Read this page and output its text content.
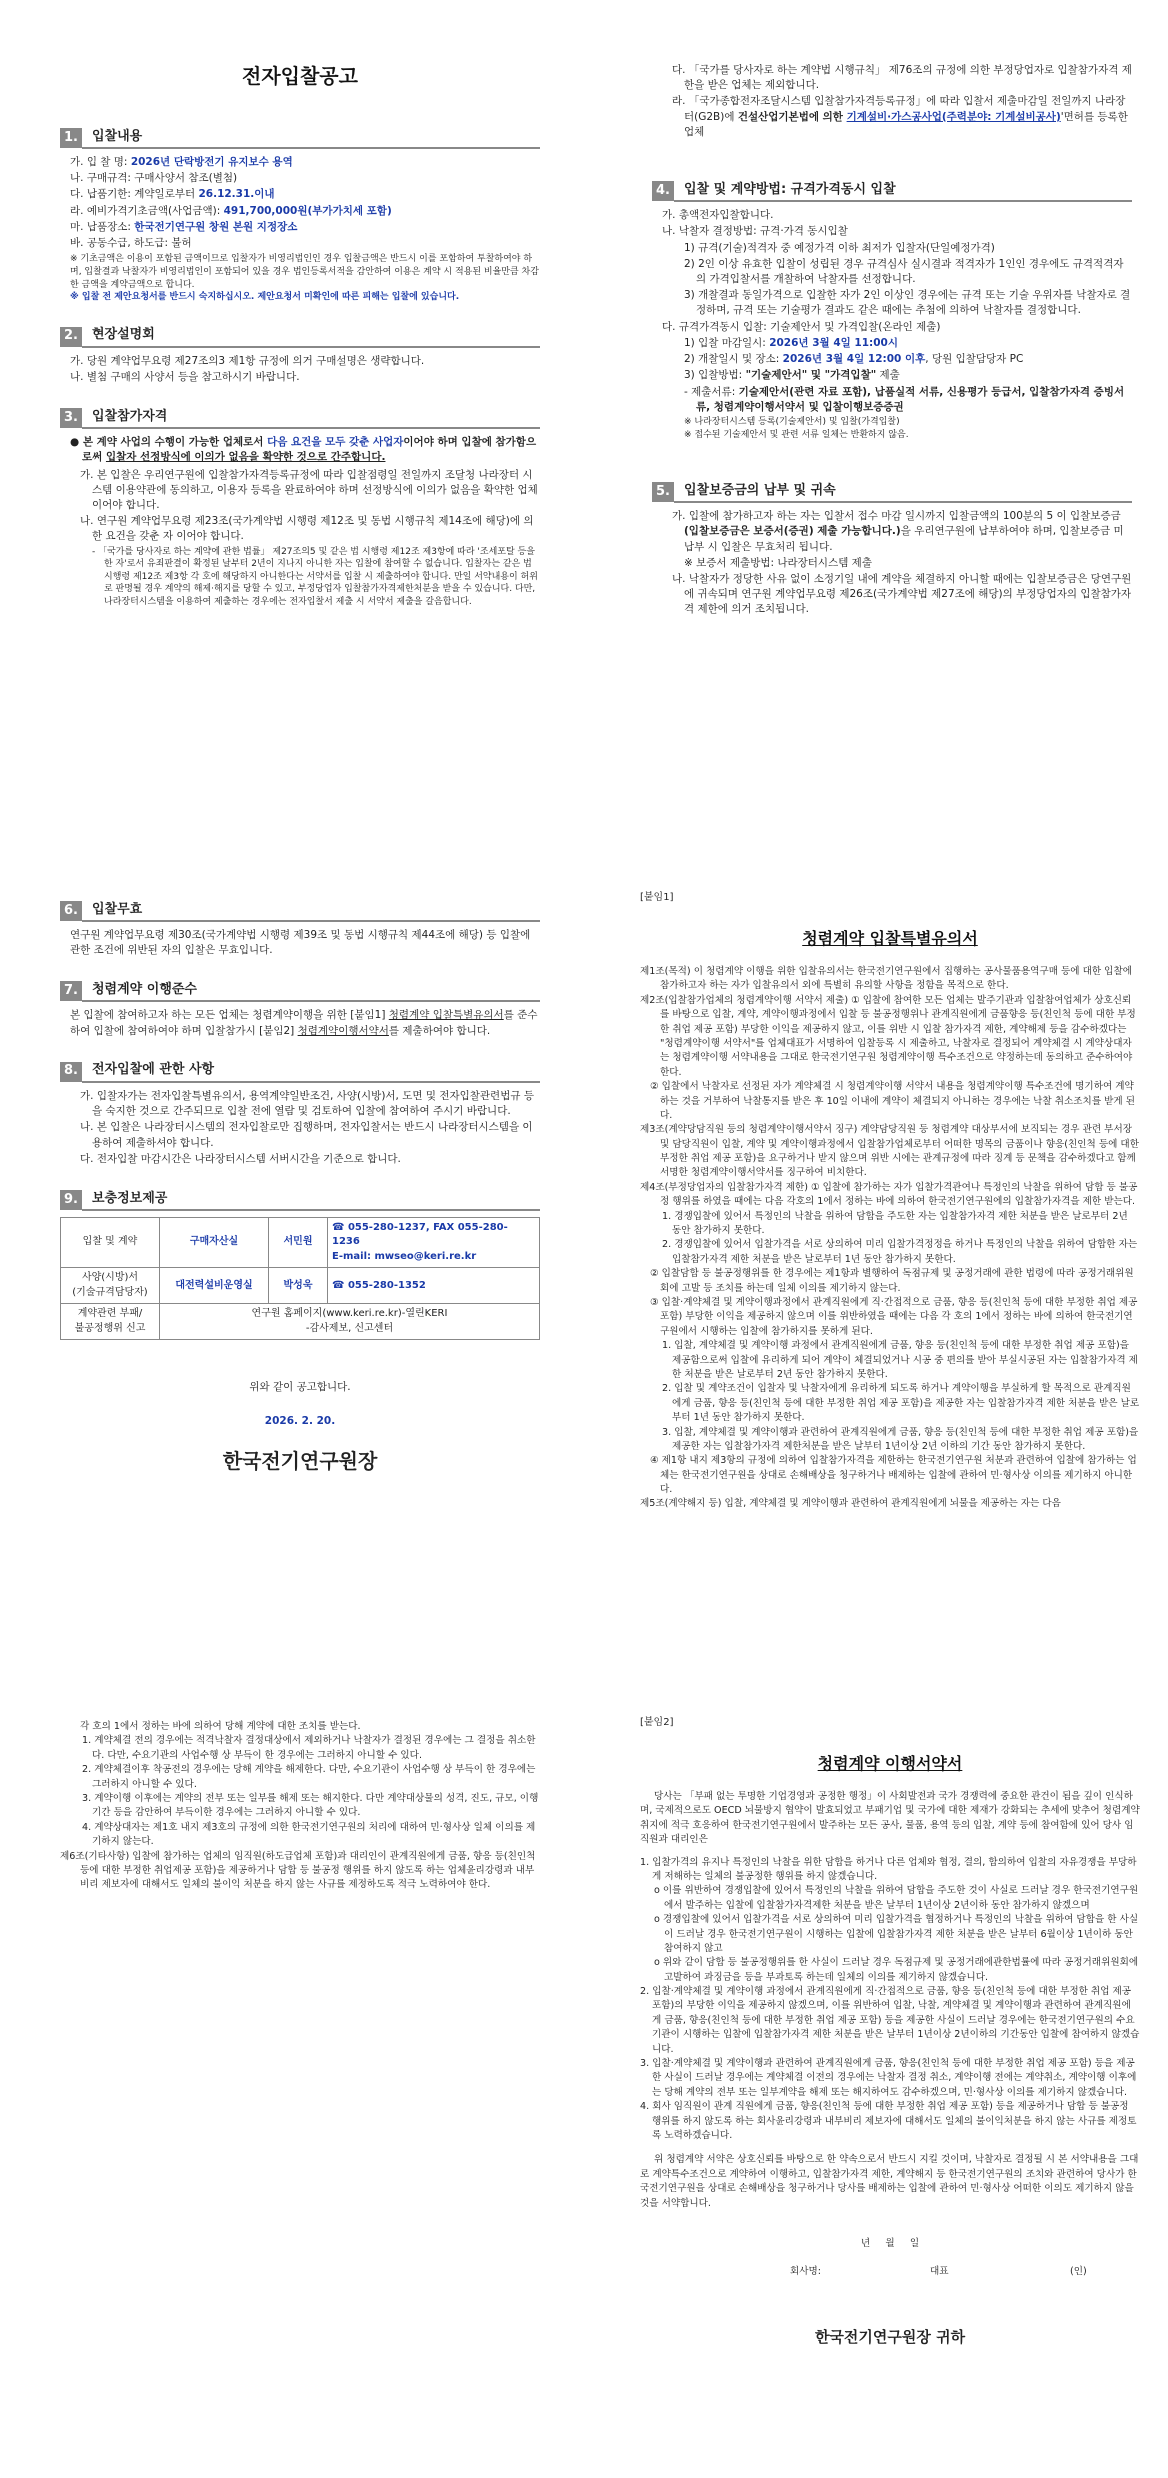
전자입찰공고
1.	입찰내용
가. 입 찰 명: 2026년 단락방전기 유지보수 용역
나. 구매규격: 구매사양서 참조(별첨)
다. 납품기한: 계약일로부터 26.12.31.이내
라. 예비가격기초금액(사업금액): 491,700,000원(부가가치세 포함)
마. 납품장소: 한국전기연구원 창원 본원 지정장소
바. 공동수급, 하도급: 불허
※ 기초금액은 이용이 포함된 금액이므로 입찰자가 비영리법인인 경우 입찰금액은 반드시 이를 포함하여 투찰하여야 하며, 입찰결과 낙찰자가 비영리법인이 포함되어 있을 경우 법인등록서적을 감안하여 이용은 계약 시 적용된 비율만큼 차감한 금액을 계약금액으로 합니다.
※ 입찰 전 제안요청서를 반드시 숙지하십시오. 제안요청서 미확인에 따른 피해는 입찰에 있습니다.
2.	현장설명회
가. 당원 계약업무요령 제27조의3 제1항 규정에 의거 구매설명은 생략합니다.
나. 별첨 구매의 사양서 등을 참고하시기 바랍니다.
3.	입찰참가자격
● 본 계약 사업의 수행이 가능한 업체로서 다음 요건을 모두 갖춘 사업자이어야 하며 입찰에 참가함으로써 입찰자 선정방식에 이의가 없음을 확약한 것으로 간주합니다.
가. 본 입찰은 우리연구원에 입찰참가자격등록규정에 따라 입찰점령일 전일까지 조달청 나라장터 시스템 이용약관에 동의하고, 이용자 등록을 완료하여야 하며 선정방식에 이의가 없음을 확약한 업체이어야 합니다.
나. 연구원 계약업무요령 제23조(국가계약법 시행령 제12조 및 동법 시행규칙 제14조에 해당)에 의한 요건을 갖춘 자 이어야 합니다.
- 「국가를 당사자로 하는 계약에 관한 법률」 제27조의5 및 같은 법 시행령 제12조 제3항에 따라 '조세포탈 등을 한 자'로서 유죄판결이 확정된 날부터 2년이 지나지 아니한 자는 입찰에 참여할 수 없습니다. 입찰자는 같은 법 시행령 제12조 제3항 각 호에 해당하지 아니한다는 서약서를 입찰 시 제출하여야 합니다. 만일 서약내용이 허위로 판명될 경우 계약의 해제·해지를 당할 수 있고, 부정당업자 입찰참가자격제한처분을 받을 수 있습니다. 다만, 나라장터시스템을 이용하여 제출하는 경우에는 전자입찰서 제출 시 서약서 제출을 갈음합니다.
다. 「국가를 당사자로 하는 계약법 시행규칙」 제76조의 규정에 의한 부정당업자로 입찰참가자격 제한을 받은 업체는 제외합니다.
라. 「국가종합전자조달시스템 입찰참가자격등록규정」에 따라 입찰서 제출마감일 전일까지 나라장터(G2B)에 건설산업기본법에 의한 기계설비·가스공사업(주력분야: 기계설비공사)'면허를 등록한 업체
4.	입찰 및 계약방법: 규격가격동시 입찰
가. 총액전자입찰합니다.
나. 낙찰자 결정방법: 규격·가격 동시입찰
1) 규격(기술)적격자 중 예정가격 이하 최저가 입찰자(단일예정가격)
2) 2인 이상 유효한 입찰이 성립된 경우 규격심사 실시결과 적격자가 1인인 경우에도 규격적격자의 가격입찰서를 개찰하여 낙찰자를 선정합니다.
3) 개찰결과 동일가격으로 입찰한 자가 2인 이상인 경우에는 규격 또는 기술 우위자를 낙찰자로 결정하며, 규격 또는 기술평가 결과도 같은 때에는 추첨에 의하여 낙찰자를 결정합니다.
다. 규격가격동시 입찰: 기술제안서 및 가격입찰(온라인 제출)
1) 입찰 마감일시: 2026년 3월 4일 11:00시
2) 개찰일시 및 장소: 2026년 3월 4일 12:00 이후, 당원 입찰담당자 PC
3) 입찰방법: "기술제안서" 및 "가격입찰" 제출
- 제출서류: 기술제안서(관련 자료 포함), 납품실적 서류, 신용평가 등급서, 입찰참가자격 증빙서류, 청렴계약이행서약서 및 입찰이행보증증권
※ 나라장터시스템 등록(기술제안서) 및 입찰(가격입찰)
※ 접수된 기술제안서 및 관련 서류 일체는 반환하지 않음.
5.	입찰보증금의 납부 및 귀속
가. 입찰에 참가하고자 하는 자는 입찰서 접수 마감 일시까지 입찰금액의 100분의 5 이 입찰보증금(입찰보증금은 보증서(증권) 제출 가능합니다.)을 우리연구원에 납부하여야 하며, 입찰보증금 미납부 시 입찰은 무효처리 됩니다.
※ 보증서 제출방법: 나라장터시스템 제출
나. 낙찰자가 정당한 사유 없이 소정기일 내에 계약을 체결하지 아니할 때에는 입찰보증금은 당연구원에 귀속되며 연구원 계약업무요령 제26조(국가계약법 제27조에 해당)의 부정당업자의 입찰참가자격 제한에 의거 조치됩니다.
6.	입찰무효
연구원 계약업무요령 제30조(국가계약법 시행령 제39조 및 동법 시행규칙 제44조에 해당) 등 입찰에 관한 조건에 위반된 자의 입찰은 무효입니다.
7.	청렴계약 이행준수
본 입찰에 참여하고자 하는 모든 업체는 청렴계약이행을 위한 [붙임1] 청렴계약 입찰특별유의서를 준수하여 입찰에 참여하여야 하며 입찰참가시 [붙임2] 청렴계약이행서약서를 제출하여야 합니다.
8.	전자입찰에 관한 사항
가. 입찰자가는 전자입찰특별유의서, 용역계약일반조건, 사양(시방)서, 도면 및 전자입찰관련법규 등을 숙지한 것으로 간주되므로 입찰 전에 열람 및 검토하여 입찰에 참여하여 주시기 바랍니다.
나. 본 입찰은 나라장터시스템의 전자입찰로만 집행하며, 전자입찰서는 반드시 나라장터시스템을 이용하여 제출하셔야 합니다.
다. 전자입찰 마감시간은 나라장터시스템 서버시간을 기준으로 합니다.
9.	보충정보제공
입찰 및 계약	구매자산실	서민원	☎ 055-280-1237, FAX 055-280-1236
E-mail: mwseo@keri.re.kr

사양(시방)서
(기술규격담당자)	대전력설비운영실	박성욱	☎ 055-280-1352
계약관련 부패/
불공정행위 신고	연구원 홈페이지(www.keri.re.kr)-열린KERI
-감사제보, 신고센터		
위와 같이 공고합니다.
2026. 2. 20.
한국전기연구원장
[붙임1]
청렴계약 입찰특별유의서
제1조(목적) 이 청렴계약 이행을 위한 입찰유의서는 한국전기연구원에서 집행하는 공사물품용역구매 등에 대한 입찰에 참가하고자 하는 자가 입찰유의서 외에 특별히 유의할 사항을 정함을 목적으로 한다.
제2조(입찰참가업체의 청렴계약이행 서약서 제출) ① 입찰에 참여한 모든 업체는 발주기관과 입찰참여업체가 상호신뢰를 바탕으로 입찰, 계약, 계약이행과정에서 입찰 등 불공정행위나 관계직원에게 금품향응 등(친인척 등에 대한 부정한 취업 제공 포함) 부당한 이익을 제공하지 않고, 이를 위반 시 입찰 참가자격 제한, 계약해제 등을 감수하겠다는 "청렴계약이행 서약서"를 업체대표가 서명하여 입찰등록 시 제출하고, 낙찰자로 결정되어 계약체결 시 계약상대자는 청렴계약이행 서약내용을 그대로 한국전기연구원 청렴계약이행 특수조건으로 약정하는데 동의하고 준수하여야 한다.
② 입찰에서 낙찰자로 선정된 자가 계약체결 시 청렴계약이행 서약서 내용을 청렴계약이행 특수조건에 명기하여 계약하는 것을 거부하여 낙찰통지를 받은 후 10일 이내에 계약이 체결되지 아니하는 경우에는 낙찰 취소조치를 받게 된다.
제3조(계약당담직원 등의 청렴계약이행서약서 징구) 계약담당직원 등 청렴계약 대상부서에 보직되는 경우 관련 부서장 및 담당직원이 입찰, 계약 및 계약이행과정에서 입찰참가업체로부터 어떠한 명목의 금품이나 향응(친인척 등에 대한 부정한 취업 제공 포함)을 요구하거나 받지 않으며 위반 시에는 관계규정에 따라 징계 등 문책을 감수하겠다고 함께 서명한 청렴계약이행서약서를 징구하여 비치한다.
제4조(부정당업자의 입찰참가자격 제한) ① 입찰에 참가하는 자가 입찰가격관여나 특정인의 낙찰을 위하여 담합 등 불공정 행위를 하였을 때에는 다음 각호의 1에서 정하는 바에 의하여 한국전기연구원에의 입찰참가자격을 제한 받는다.
1. 경쟁입찰에 있어서 특정인의 낙찰을 위하여 담합을 주도한 자는 입찰참가자격 제한 처분을 받은 날로부터 2년 동안 참가하지 못한다.
2. 경쟁입찰에 있어서 입찰가격을 서로 상의하여 미리 입찰가격정정을 하거나 특정인의 낙찰을 위하여 담합한 자는 입찰참가자격 제한 처분을 받은 날로부터 1년 동안 참가하지 못한다.
② 입찰담합 등 불공정행위를 한 경우에는 제1항과 별행하여 독점규제 및 공정거래에 관한 법령에 따라 공정거래위원회에 고발 등 조치를 하는데 일체 이의를 제기하지 않는다.
③ 입찰·계약체결 및 계약이행과정에서 관계직원에게 직·간접적으로 금품, 향응 등(친인척 등에 대한 부정한 취업 제공 포함) 부당한 이익을 제공하지 않으며 이를 위반하였을 때에는 다음 각 호의 1에서 정하는 바에 의하여 한국전기연구원에서 시행하는 입찰에 참가하지를 못하게 된다.
1. 입찰, 계약체결 및 계약이행 과정에서 관계직원에게 금품, 향응 등(친인척 등에 대한 부정한 취업 제공 포함)을 제공함으로써 입찰에 유리하게 되어 계약이 체결되었거나 시공 중 편의를 받아 부실시공된 자는 입찰참가자격 제한 처분을 받은 날로부터 2년 동안 참가하지 못한다.
2. 입찰 및 계약조건이 입찰자 및 낙찰자에게 유리하게 되도록 하거나 계약이행을 부실하게 할 목적으로 관계직원에게 금품, 향응 등(친인척 등에 대한 부정한 취업 제공 포함)을 제공한 자는 입찰참가자격 제한 처분을 받은 날로부터 1년 동안 참가하지 못한다.
3. 입찰, 계약체결 및 계약이행과 관련하여 관계직원에게 금품, 향응 등(친인척 등에 대한 부정한 취업 제공 포함)을 제공한 자는 입찰참가자격 제한처분을 받은 날부터 1년이상 2년 이하의 기간 동안 참가하지 못한다.
④ 제1항 내지 제3항의 규정에 의하여 입찰참가자격을 제한하는 한국전기연구원 처분과 관련하여 입찰에 참가하는 업체는 한국전기연구원을 상대로 손해배상을 청구하거나 배제하는 입찰에 관하여 민·형사상 이의를 제기하지 아니한다.
제5조(계약해지 등) 입찰, 계약체결 및 계약이행과 관련하여 관계직원에게 뇌물을 제공하는 자는 다음
각 호의 1에서 정하는 바에 의하여 당해 계약에 대한 조치를 받는다.
1. 계약체결 전의 경우에는 적격낙찰자 결정대상에서 제외하거나 낙찰자가 결정된 경우에는 그 결정을 취소한다. 다만, 수요기관의 사업수행 상 부득이 한 경우에는 그러하지 아니할 수 있다.
2. 계약체결이후 착공전의 경우에는 당해 계약을 해제한다. 다만, 수요기관이 사업수행 상 부득이 한 경우에는 그러하지 아니할 수 있다.
3. 계약이행 이후에는 계약의 전부 또는 일부를 해제 또는 해지한다. 다만 계약대상물의 성격, 진도, 규모, 이행기간 등을 감안하여 부득이한 경우에는 그러하지 아니할 수 있다.
4. 계약상대자는 제1호 내지 제3호의 규정에 의한 한국전기연구원의 처리에 대하여 민·형사상 일체 이의를 제기하지 않는다.
제6조(기타사항) 입찰에 참가하는 업체의 임직원(하도급업체 포함)과 대리인이 관계직원에게 금품, 향응 등(친인척 등에 대한 부정한 취업제공 포함)을 제공하거나 담합 등 불공정 행위를 하지 않도록 하는 업체윤리강령과 내부비리 제보자에 대해서도 일체의 불이익 처분을 하지 않는 사규를 제정하도록 적극 노력하여야 한다.
[붙임2]
청렴계약 이행서약서
당사는 「부패 없는 투명한 기업경영과 공정한 행정」이 사회발전과 국가 경쟁력에 중요한 관건이 됨을 깊이 인식하며, 국제적으로도 OECD 뇌물방지 협약이 발효되었고 부패기업 및 국가에 대한 제재가 강화되는 추세에 맞추어 청렴계약 취지에 적극 호응하여 한국전기연구원에서 발주하는 모든 공사, 물품, 용역 등의 입찰, 계약 등에 참여함에 있어 당사 임직원과 대리인은
1. 입찰가격의 유지나 특정인의 낙찰을 위한 담합을 하거나 다른 업체와 협정, 결의, 합의하여 입찰의 자유경쟁을 부당하게 저해하는 일체의 불공정한 행위를 하지 않겠습니다.
o 이를 위반하여 경쟁입찰에 있어서 특정인의 낙찰을 위하여 담합을 주도한 것이 사실로 드러날 경우 한국전기연구원에서 발주하는 입찰에 입찰참가자격제한 처분을 받은 날부터 1년이상 2년이하 동안 참가하지 않겠으며
o 경쟁입찰에 있어서 입찰가격을 서로 상의하여 미리 입찰가격을 협정하거나 특정인의 낙찰을 위하여 담합을 한 사실이 드러날 경우 한국전기연구원이 시행하는 입찰에 입찰참가자격 제한 처분을 받은 날부터 6월이상 1년이하 동안 참여하지 않고
o 위와 같이 담합 등 불공정행위를 한 사실이 드러날 경우 독점규제 및 공정거래에관한법률에 따라 공정거래위원회에 고발하여 과징금을 등을 부과토록 하는데 일체의 이의를 제기하지 않겠습니다.
2. 입찰·계약체결 및 계약이행 과정에서 관계직원에게 직·간접적으로 금품, 향응 등(친인척 등에 대한 부정한 취업 제공 포함)의 부당한 이익을 제공하지 않겠으며, 이를 위반하여 입찰, 낙찰, 계약체결 및 계약이행과 관련하여 관계직원에게 금품, 향응(친인척 등에 대한 부정한 취업 제공 포함) 등을 제공한 사실이 드러날 경우에는 한국전기연구원의 수요기관이 시행하는 입찰에 입찰참가자격 제한 처분을 받은 날부터 1년이상 2년이하의 기간동안 입찰에 참여하지 않겠습니다.
3. 입찰·계약체결 및 계약이행과 관련하여 관계직원에게 금품, 향응(친인척 등에 대한 부정한 취업 제공 포함) 등을 제공한 사실이 드러날 경우에는 계약체결 이전의 경우에는 낙찰자 결정 취소, 계약이행 전에는 계약취소, 계약이행 이후에는 당해 계약의 전부 또는 일부계약을 해제 또는 해지하여도 감수하겠으며, 민·형사상 이의를 제기하지 않겠습니다.
4. 회사 임직원이 관계 직원에게 금품, 향응(친인척 등에 대한 부정한 취업 제공 포함) 등을 제공하거나 담합 등 불공정 행위를 하지 않도록 하는 회사윤리강령과 내부비리 제보자에 대해서도 일체의 불이익처분을 하지 않는 사규를 제정토록 노력하겠습니다.
위 청렴계약 서약은 상호신뢰를 바탕으로 한 약속으로서 반드시 지킬 것이며, 낙찰자로 결정될 시 본 서약내용을 그대로 계약특수조건으로 계약하여 이행하고, 입찰참가자격 제한, 계약해지 등 한국전기연구원의 조치와 관련하여 당사가 한국전기연구원을 상대로 손해배상을 청구하거나 당사를 배제하는 입찰에 관하여 민·형사상 어떠한 이의도 제기하지 않을 것을 서약합니다.
년     월     일
회사명:	대표	(인)
한국전기연구원장 귀하
